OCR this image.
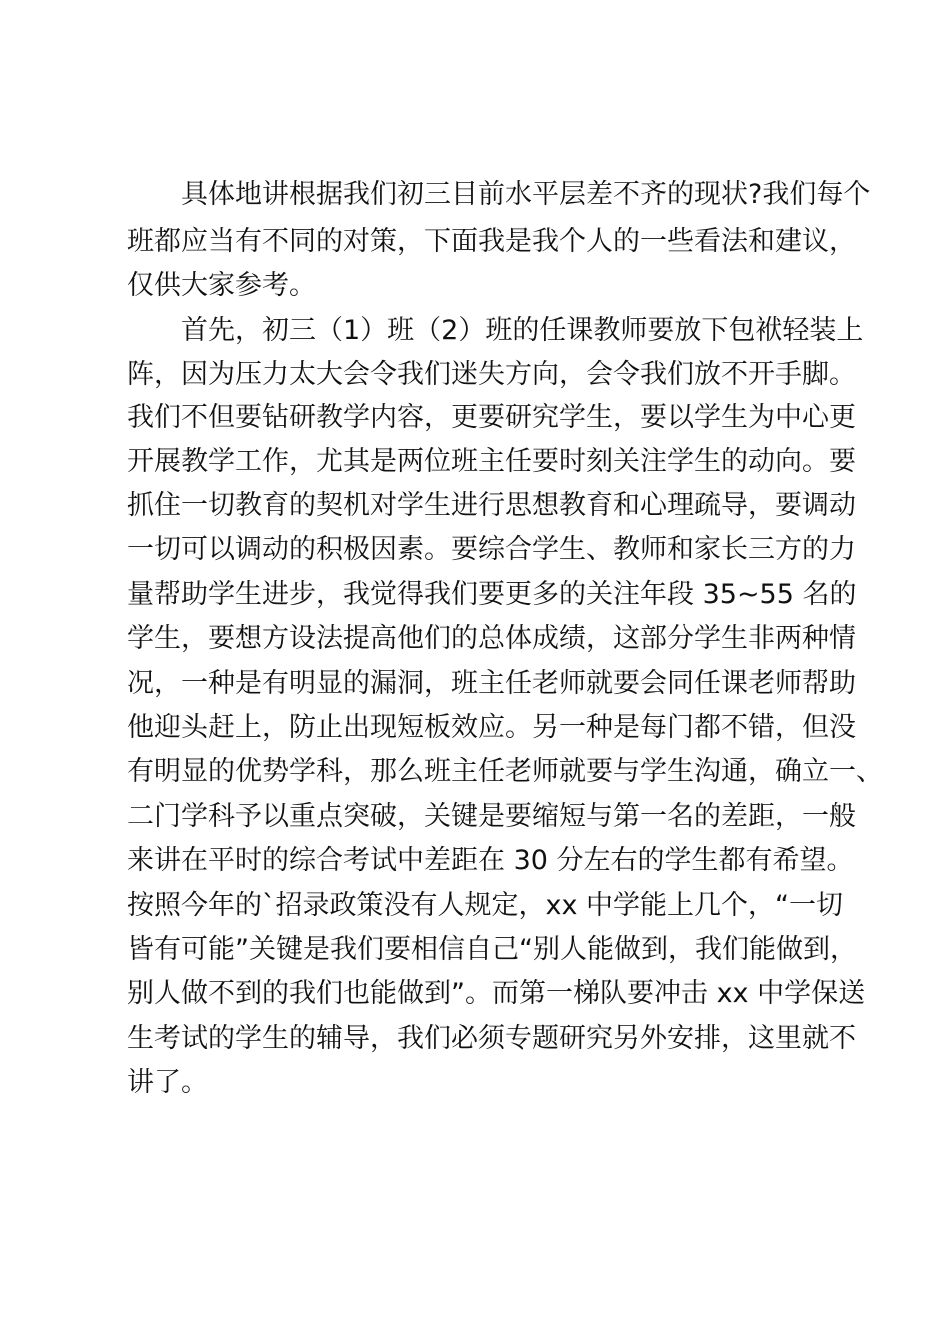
具体地讲根据我们初三目前水平层差不齐的现状?我们每个
班都应当有不同的对策，下面我是我个人的一些看法和建议，
仅供大家参考。
首先，初三（1）班（2）班的任课教师要放下包袱轻装上
阵，因为压力太大会令我们迷失方向，会令我们放不开手脚。
我们不但要钻研教学内容，更要研究学生，要以学生为中心更
开展教学工作，尤其是两位班主任要时刻关注学生的动向。要
抓住一切教育的契机对学生进行思想教育和心理疏导，要调动
一切可以调动的积极因素。要综合学生、教师和家长三方的力
量帮助学生进步，我觉得我们要更多的关注年段 35~55 名的
学生，要想方设法提高他们的总体成绩，这部分学生非两种情
况，一种是有明显的漏洞，班主任老师就要会同任课老师帮助
他迎头赶上，防止出现短板效应。另一种是每门都不错，但没
有明显的优势学科，那么班主任老师就要与学生沟通，确立一、
二门学科予以重点突破，关键是要缩短与第一名的差距，一般
来讲在平时的综合考试中差距在 30 分左右的学生都有希望。
按照今年的`招录政策没有人规定，xx 中学能上几个，“一切
皆有可能”关键是我们要相信自己“别人能做到，我们能做到，
别人做不到的我们也能做到”。而第一梯队要冲击 xx 中学保送
生考试的学生的辅导，我们必须专题研究另外安排，这里就不
讲了。
